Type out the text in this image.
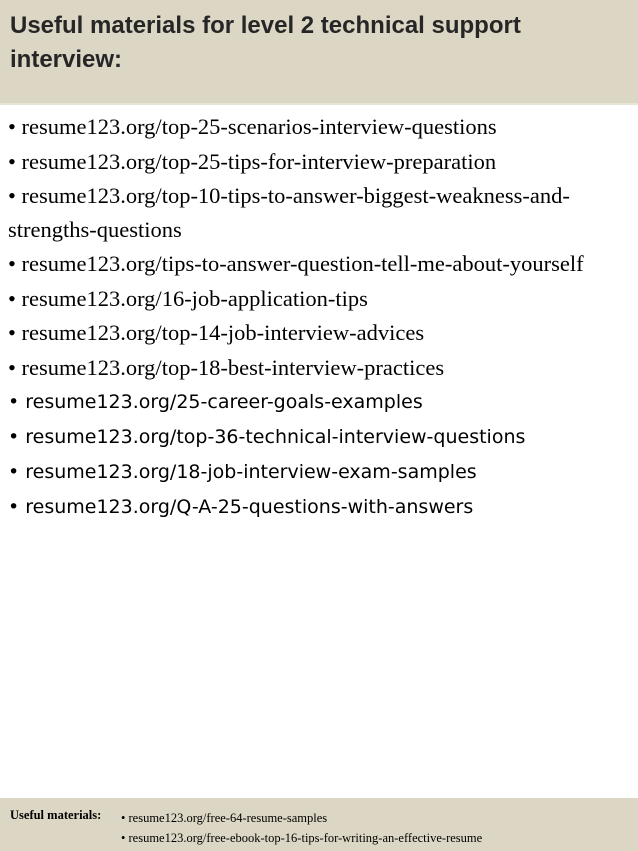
Useful materials for level 2 technical support interview:
• resume123.org/top-25-scenarios-interview-questions
• resume123.org/top-25-tips-for-interview-preparation
• resume123.org/top-10-tips-to-answer-biggest-weakness-and-strengths-questions
• resume123.org/tips-to-answer-question-tell-me-about-yourself
• resume123.org/16-job-application-tips
• resume123.org/top-14-job-interview-advices
• resume123.org/top-18-best-interview-practices
• resume123.org/25-career-goals-examples
• resume123.org/top-36-technical-interview-questions
• resume123.org/18-job-interview-exam-samples
• resume123.org/Q-A-25-questions-with-answers
Useful materials: • resume123.org/free-64-resume-samples
• resume123.org/free-ebook-top-16-tips-for-writing-an-effective-resume
